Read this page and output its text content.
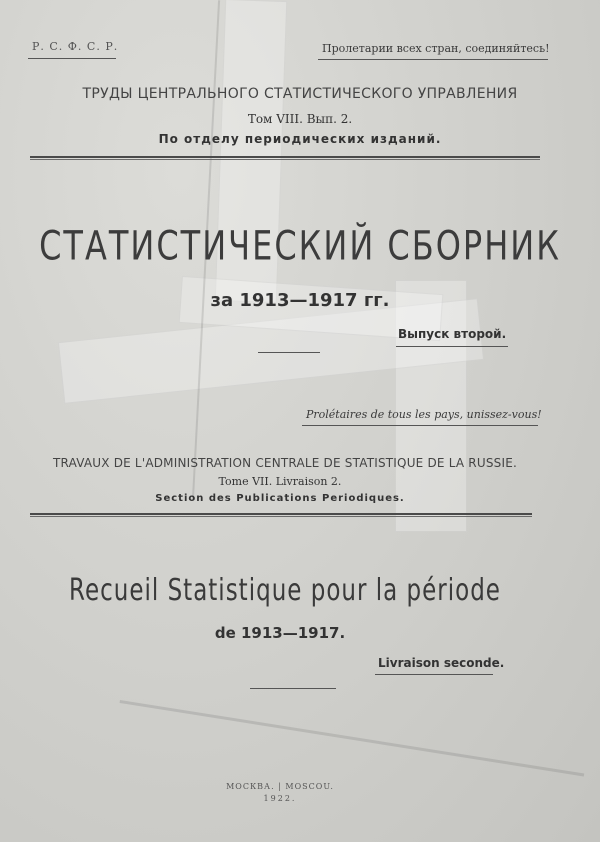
Р. С. Ф. С. Р.	Пролетарии всех стран, соединяйтесь!
ТРУДЫ ЦЕНТРАЛЬНОГО СТАТИСТИЧЕСКОГО УПРАВЛЕНИЯ
Том VIII. Вып. 2.
По отделу периодических изданий.
СТАТИСТИЧЕСКИЙ СБОРНИК
за 1913—1917 гг.
Выпуск второй.
Prolétaires de tous les pays, unissez-vous!
TRAVAUX DE L'ADMINISTRATION CENTRALE DE STATISTIQUE DE LA RUSSIE.
Tome VII. Livraison 2.
Section des Publications Periodiques.
Recueil Statistique pour la période
de 1913—1917.
Livraison seconde.
МОСКВА. | MOSCOU.
1922.
